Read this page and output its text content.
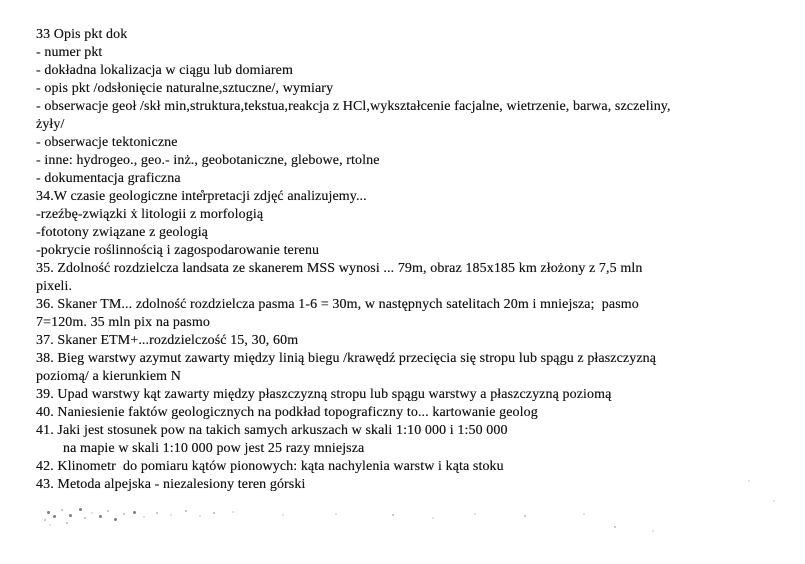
33 Opis pkt dok
- numer pkt
- dokładna lokalizacja w ciągu lub domiarem
- opis pkt /odsłonięcie naturalne,sztuczne/, wymiary
- obserwacje geoł /skł min,struktura,tekstua,reakcja z HCl,wykształcenie facjalne, wietrzenie, barwa, szczeliny,
żyły/
- obserwacje tektoniczne
- inne: hydrogeo., geo.- inż., geobotaniczne, glebowe, rtolne
- dokumentacja graficzna
34.W czasie geologiczne inte̊rpretacji zdjęć analizujemy...
-rzeźbę-związki ẋ litologii z morfologią
-fototony związane z geologią
-pokrycie roślinnością i zagospodarowanie terenu
35. Zdolność rozdzielcza landsata ze skanerem MSS wynosi ... 79m, obraz 185x185 km złożony z 7,5 mln
pixeli.
36. Skaner TM... zdolność rozdzielcza pasma 1-6 = 30m, w następnych satelitach 20m i mniejsza;  pasmo
7=120m. 35 mln pix na pasmo
37. Skaner ETM+...rozdzielczość 15, 30, 60m
38. Bieg warstwy azymut zawarty między linią biegu /krawędź przecięcia się stropu lub spągu z płaszczyzną
poziomą/ a kierunkiem N
39. Upad warstwy kąt zawarty między płaszczyzną stropu lub spągu warstwy a płaszczyzną poziomą
40. Naniesienie faktów geologicznych na podkład topograficzny to... kartowanie geolog
41. Jaki jest stosunek pow na takich samych arkuszach w skali 1:10 000 i 1:50 000
na mapie w skali 1:10 000 pow jest 25 razy mniejsza
42. Klinometr  do pomiaru kątów pionowych: kąta nachylenia warstw i kąta stoku
43. Metoda alpejska - niezalesiony teren górski
